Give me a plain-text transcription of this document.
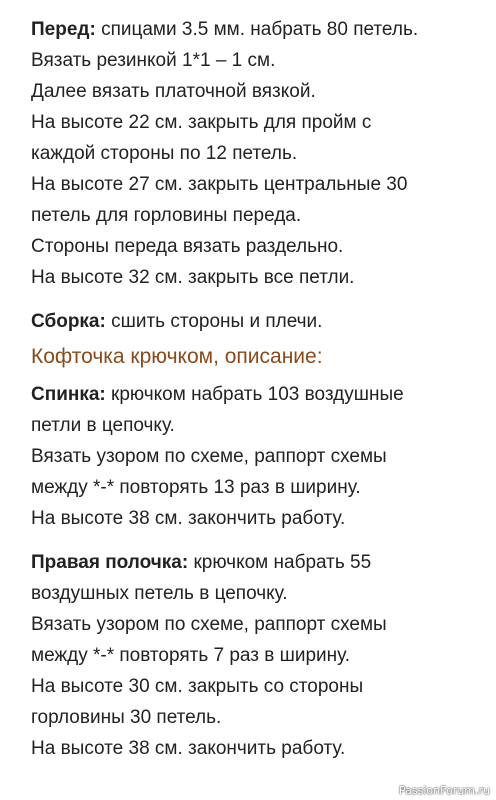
Перед: спицами 3.5 мм. набрать 80 петель.

Вязать резинкой 1*1 – 1 см.

Далее вязать платочной вязкой.

На высоте 22 см. закрыть для пройм с

каждой стороны по 12 петель.

На высоте 27 см. закрыть центральные 30

петель для горловины переда.

Стороны переда вязать раздельно.

На высоте 32 см. закрыть все петли.

Сборка: сшить стороны и плечи.

Кофточка крючком, описание:

Спинка: крючком набрать 103 воздушные

петли в цепочку.

Вязать узором по схеме, раппорт схемы

между *-* повторять 13 раз в ширину.

На высоте 38 см. закончить работу.

Правая полочка: крючком набрать 55

воздушных петель в цепочку.

Вязать узором по схеме, раппорт схемы

между *-* повторять 7 раз в ширину.

На высоте 30 см. закрыть со стороны

горловины 30 петель.

На высоте 38 см. закончить работу.

PassionForum.ru
